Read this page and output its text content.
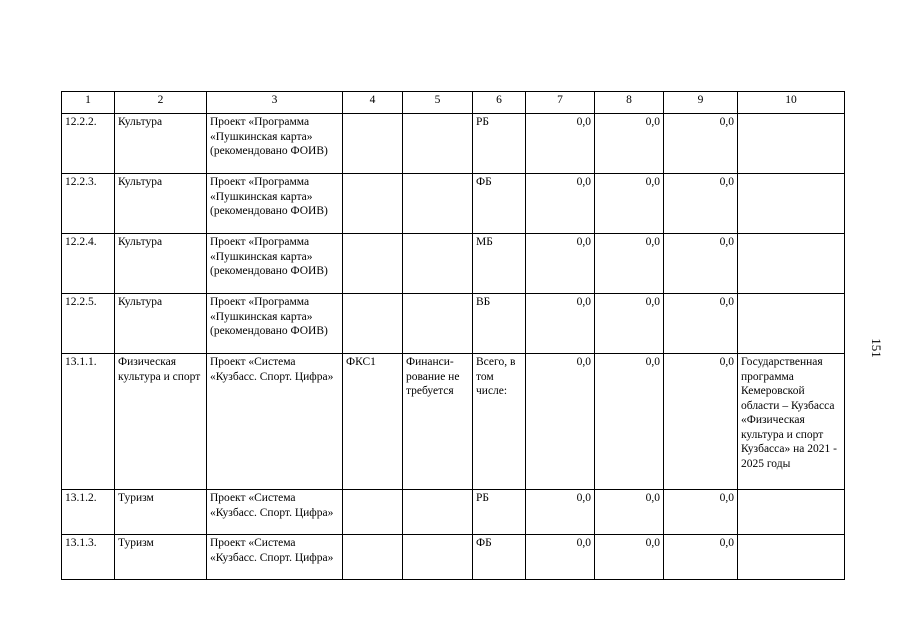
1	2	3	4	5	6	7	8	9	10
12.2.2.	Культура	Проект «Программа «Пушкинская карта» (рекомендовано ФОИВ)			РБ	0,0	0,0	0,0	
12.2.3.	Культура	Проект «Программа «Пушкинская карта» (рекомендовано ФОИВ)			ФБ	0,0	0,0	0,0	
12.2.4.	Культура	Проект «Программа «Пушкинская карта» (рекомендовано ФОИВ)			МБ	0,0	0,0	0,0	
12.2.5.	Культура	Проект «Программа «Пушкинская карта» (рекомендовано ФОИВ)			ВБ	0,0	0,0	0,0	
13.1.1.	Физическая культура и спорт	Проект «Система «Кузбасс. Спорт. Цифра»	ФКС1	Финанси-рование не требуется	Всего, в том числе:	0,0	0,0	0,0	Государственная программа Кемеровской области – Кузбасса «Физическая культура и спорт Кузбасса» на 2021 - 2025 годы
13.1.2.	Туризм	Проект «Система «Кузбасс. Спорт. Цифра»			РБ	0,0	0,0	0,0	
13.1.3.	Туризм	Проект «Система «Кузбасс. Спорт. Цифра»			ФБ	0,0	0,0	0,0	
151
